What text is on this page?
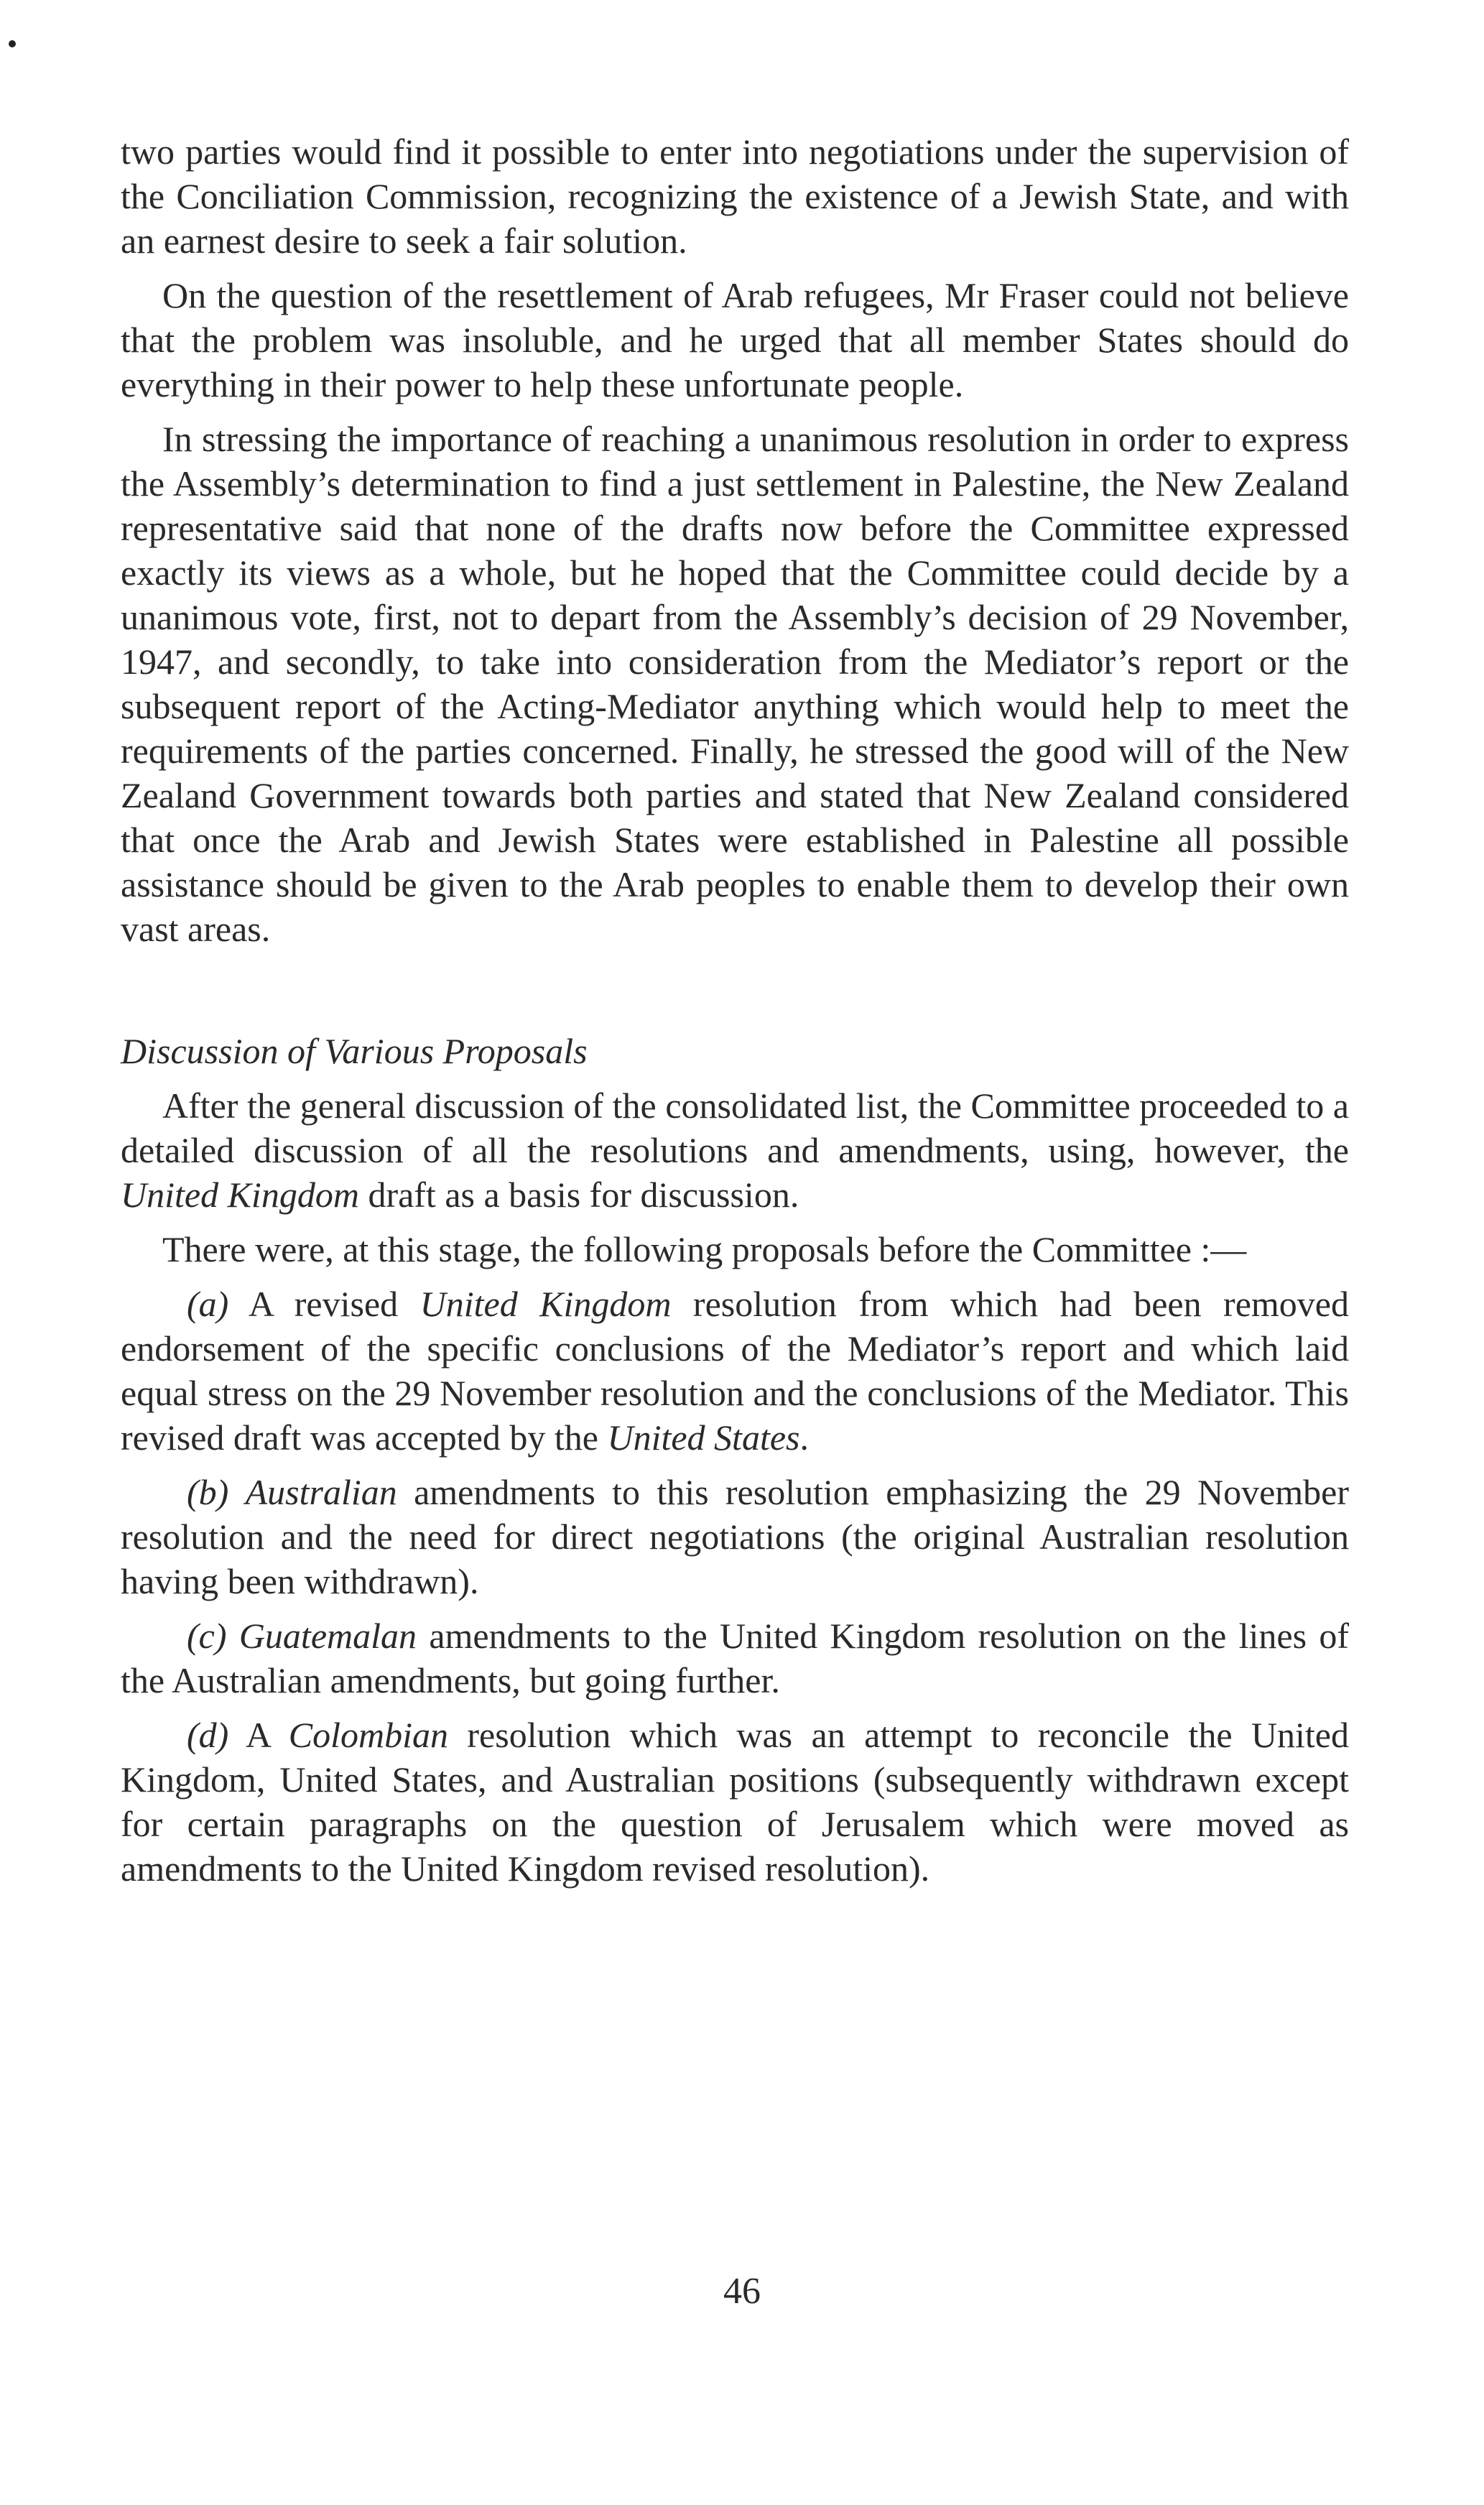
two parties would find it possible to enter into negotiations under the supervision of the Conciliation Commission, recognizing the existence of a Jewish State, and with an earnest desire to seek a fair solution.

On the question of the resettlement of Arab refugees, Mr Fraser could not believe that the problem was insoluble, and he urged that all member States should do everything in their power to help these unfortunate people.

In stressing the importance of reaching a unanimous resolution in order to express the Assembly’s determination to find a just settlement in Palestine, the New Zealand representative said that none of the drafts now before the Committee expressed exactly its views as a whole, but he hoped that the Committee could decide by a unanimous vote, first, not to depart from the Assembly’s decision of 29 November, 1947, and secondly, to take into consideration from the Mediator’s report or the subsequent report of the Acting-Mediator anything which would help to meet the requirements of the parties concerned. Finally, he stressed the good will of the New Zealand Government towards both parties and stated that New Zealand considered that once the Arab and Jewish States were established in Palestine all possible assistance should be given to the Arab peoples to enable them to develop their own vast areas.

Discussion of Various Proposals

After the general discussion of the consolidated list, the Committee proceeded to a detailed discussion of all the resolutions and amendments, using, however, the United Kingdom draft as a basis for discussion.

There were, at this stage, the following proposals before the Committee :—

(a) A revised United Kingdom resolution from which had been removed endorsement of the specific conclusions of the Mediator’s report and which laid equal stress on the 29 November resolution and the conclusions of the Mediator. This revised draft was accepted by the United States.

(b) Australian amendments to this resolution emphasizing the 29 November resolution and the need for direct negotiations (the original Australian resolution having been withdrawn).

(c) Guatemalan amendments to the United Kingdom resolution on the lines of the Australian amendments, but going further.

(d) A Colombian resolution which was an attempt to reconcile the United Kingdom, United States, and Australian positions (subsequently withdrawn except for certain paragraphs on the question of Jerusalem which were moved as amendments to the United Kingdom revised resolution).

46
